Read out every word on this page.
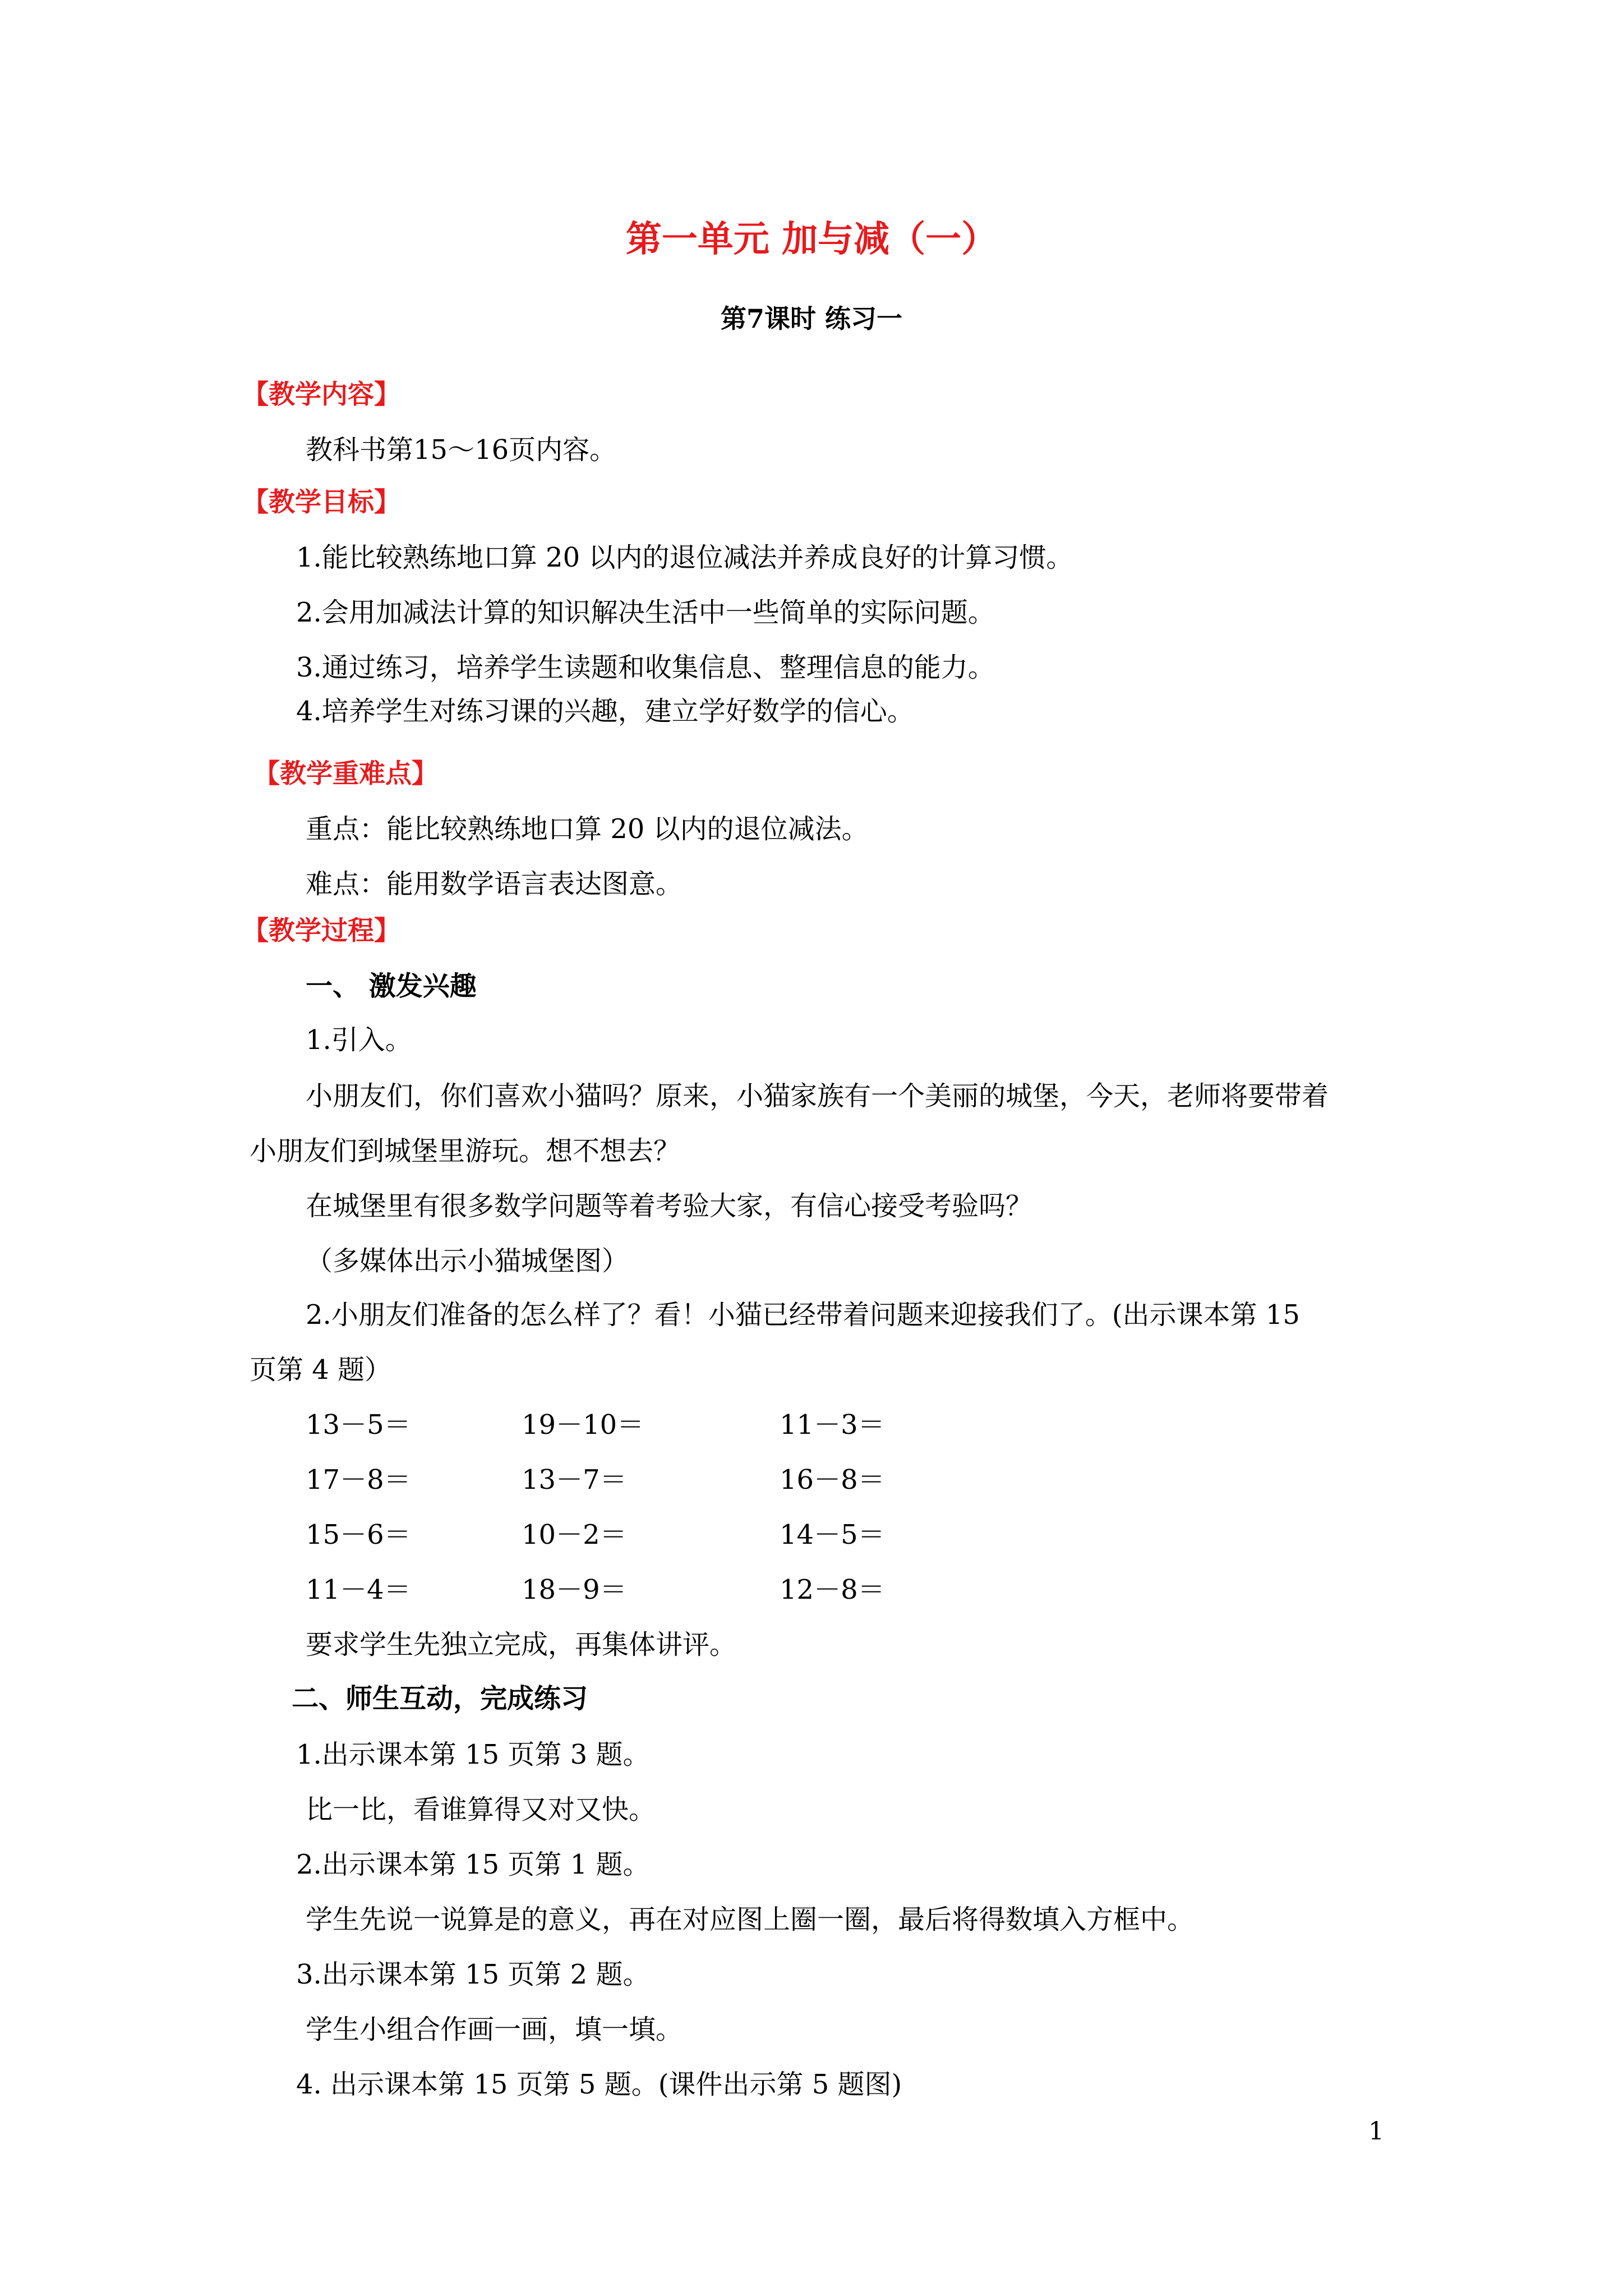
第一单元 加与减（一）
第7课时 练习一
【教学内容】
教科书第15～16页内容。
【教学目标】
1.能比较熟练地口算 20 以内的退位减法并养成良好的计算习惯。
2.会用加减法计算的知识解决生活中一些简单的实际问题。
3.通过练习，培养学生读题和收集信息、整理信息的能力。
4.培养学生对练习课的兴趣，建立学好数学的信心。
【教学重难点】
重点：能比较熟练地口算 20 以内的退位减法。
难点：能用数学语言表达图意。
【教学过程】
一、 激发兴趣
1.引入。
小朋友们，你们喜欢小猫吗？原来，小猫家族有一个美丽的城堡，今天，老师将要带着
小朋友们到城堡里游玩。想不想去？
在城堡里有很多数学问题等着考验大家，有信心接受考验吗？
（多媒体出示小猫城堡图）
2.小朋友们准备的怎么样了？看！小猫已经带着问题来迎接我们了。(出示课本第 15
页第 4 题）
13－5＝	19－10＝	11－3＝
17－8＝	13－7＝	16－8＝
15－6＝	10－2＝	14－5＝
11－4＝	18－9＝	12－8＝
要求学生先独立完成，再集体讲评。
二、师生互动，完成练习
1.出示课本第 15 页第 3 题。
比一比，看谁算得又对又快。
2.出示课本第 15 页第 1 题。
学生先说一说算是的意义，再在对应图上圈一圈，最后将得数填入方框中。
3.出示课本第 15 页第 2 题。
学生小组合作画一画，填一填。
4. 出示课本第 15 页第 5 题。(课件出示第 5 题图)
1
